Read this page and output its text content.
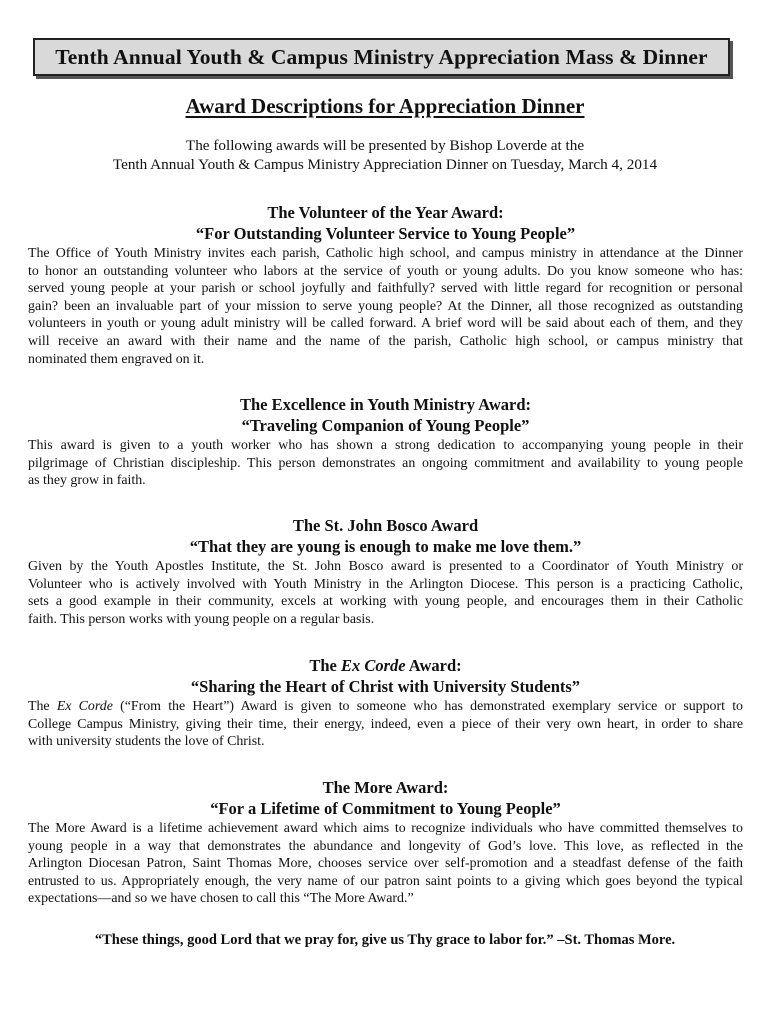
Tenth Annual Youth & Campus Ministry Appreciation Mass & Dinner
Award Descriptions for Appreciation Dinner
The following awards will be presented by Bishop Loverde at the
Tenth Annual Youth & Campus Ministry Appreciation Dinner on Tuesday, March 4, 2014
The Volunteer of the Year Award:
“For Outstanding Volunteer Service to Young People”
The Office of Youth Ministry invites each parish, Catholic high school, and campus ministry in attendance at the Dinner
to honor an outstanding volunteer who labors at the service of youth or young adults. Do you know someone who has:
served young people at your parish or school joyfully and faithfully? served with little regard for recognition or personal
gain? been an invaluable part of your mission to serve young people? At the Dinner, all those recognized as outstanding
volunteers in youth or young adult ministry will be called forward. A brief word will be said about each of them, and they
will receive an award with their name and the name of the parish, Catholic high school, or campus ministry that
nominated them engraved on it.
The Excellence in Youth Ministry Award:
“Traveling Companion of Young People”
This award is given to a youth worker who has shown a strong dedication to accompanying young people in their
pilgrimage of Christian discipleship. This person demonstrates an ongoing commitment and availability to young people
as they grow in faith.
The St. John Bosco Award
“That they are young is enough to make me love them.”
Given by the Youth Apostles Institute, the St. John Bosco award is presented to a Coordinator of Youth Ministry or
Volunteer who is actively involved with Youth Ministry in the Arlington Diocese. This person is a practicing Catholic,
sets a good example in their community, excels at working with young people, and encourages them in their Catholic
faith. This person works with young people on a regular basis.
The Ex Corde Award:
“Sharing the Heart of Christ with University Students”
The Ex Corde (“From the Heart”) Award is given to someone who has demonstrated exemplary service or support to
College Campus Ministry, giving their time, their energy, indeed, even a piece of their very own heart, in order to share
with university students the love of Christ.
The More Award:
“For a Lifetime of Commitment to Young People”
The More Award is a lifetime achievement award which aims to recognize individuals who have committed themselves to
young people in a way that demonstrates the abundance and longevity of God’s love. This love, as reflected in the
Arlington Diocesan Patron, Saint Thomas More, chooses service over self-promotion and a steadfast defense of the faith
entrusted to us. Appropriately enough, the very name of our patron saint points to a giving which goes beyond the typical
expectations—and so we have chosen to call this “The More Award.”
“These things, good Lord that we pray for, give us Thy grace to labor for.” –St. Thomas More.
